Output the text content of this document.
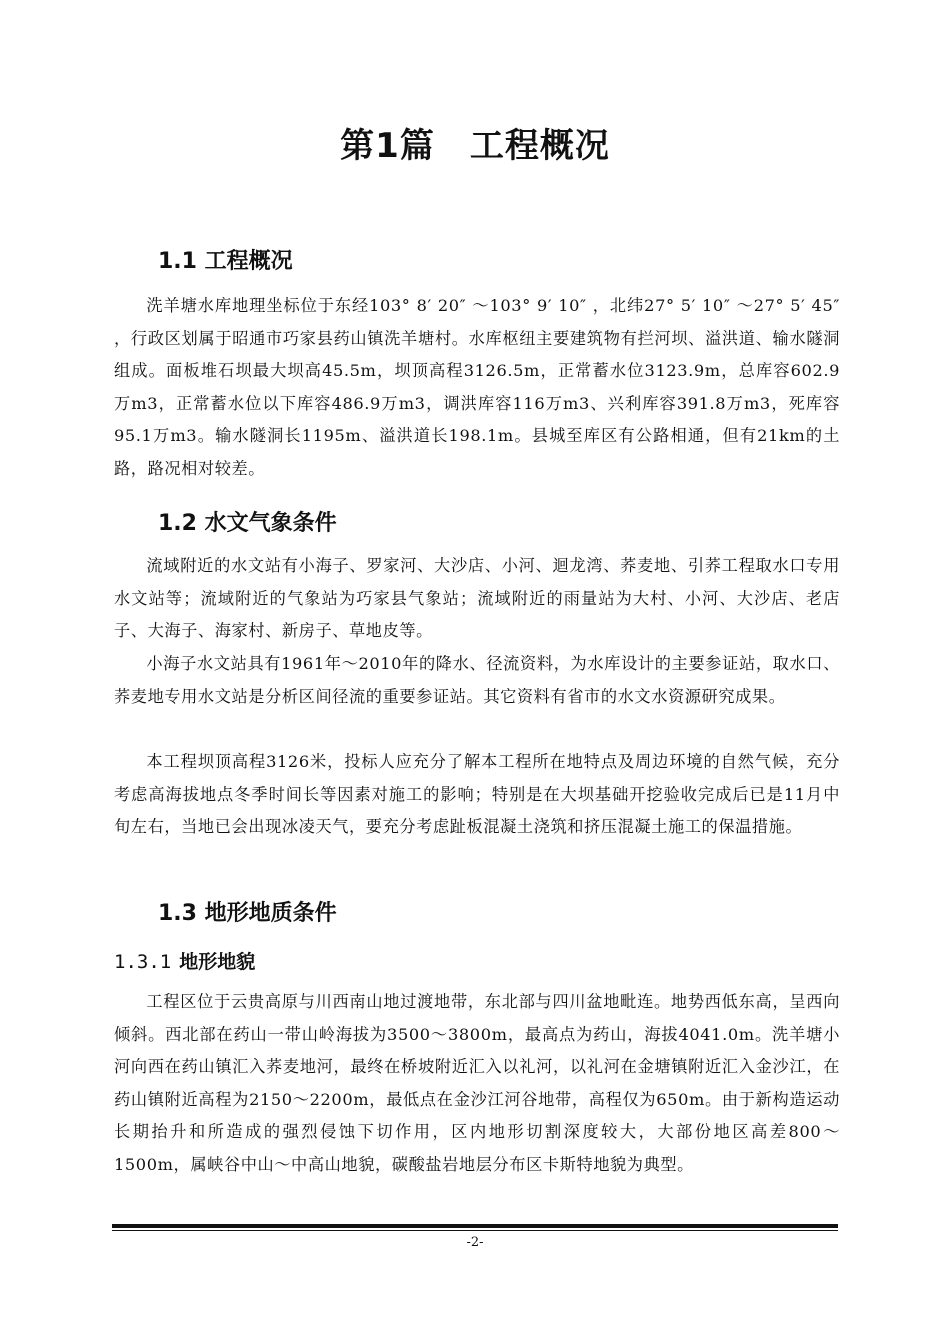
第1篇　工程概况
1.1 工程概况

洗羊塘水库地理坐标位于东经103° 8′ 20″ ～103° 9′ 10″ ，北纬27° 5′ 10″ ～27° 5′ 45″ ，行政区划属于昭通市巧家县药山镇洗羊塘村。水库枢纽主要建筑物有拦河坝、溢洪道、输水隧洞组成。面板堆石坝最大坝高45.5m，坝顶高程3126.5m，正常蓄水位3123.9m，总库容602.9万m3，正常蓄水位以下库容486.9万m3，调洪库容116万m3、兴利库容391.8万m3，死库容95.1万m3。输水隧洞长1195m、溢洪道长198.1m。县城至库区有公路相通，但有21km的土路，路况相对较差。

1.2 水文气象条件

流域附近的水文站有小海子、罗家河、大沙店、小河、迴龙湾、荞麦地、引荞工程取水口专用水文站等；流域附近的气象站为巧家县气象站；流域附近的雨量站为大村、小河、大沙店、老店子、大海子、海家村、新房子、草地皮等。

小海子水文站具有1961年～2010年的降水、径流资料，为水库设计的主要参证站，取水口、荞麦地专用水文站是分析区间径流的重要参证站。其它资料有省市的水文水资源研究成果。

本工程坝顶高程3126米，投标人应充分了解本工程所在地特点及周边环境的自然气候，充分考虑高海拔地点冬季时间长等因素对施工的影响；特别是在大坝基础开挖验收完成后已是11月中旬左右，当地已会出现冰凌天气，要充分考虑趾板混凝土浇筑和挤压混凝土施工的保温措施。

1.3 地形地质条件
1.3.1 地形地貌

工程区位于云贵高原与川西南山地过渡地带，东北部与四川盆地毗连。地势西低东高，呈西向倾斜。西北部在药山一带山岭海拔为3500～3800m，最高点为药山，海拔4041.0m。洗羊塘小河向西在药山镇汇入荞麦地河，最终在桥坡附近汇入以礼河，以礼河在金塘镇附近汇入金沙江，在药山镇附近高程为2150～2200m，最低点在金沙江河谷地带，高程仅为650m。由于新构造运动长期抬升和所造成的强烈侵蚀下切作用，区内地形切割深度较大，大部份地区高差800～1500m，属峡谷中山～中高山地貌，碳酸盐岩地层分布区卡斯特地貌为典型。

-2-
